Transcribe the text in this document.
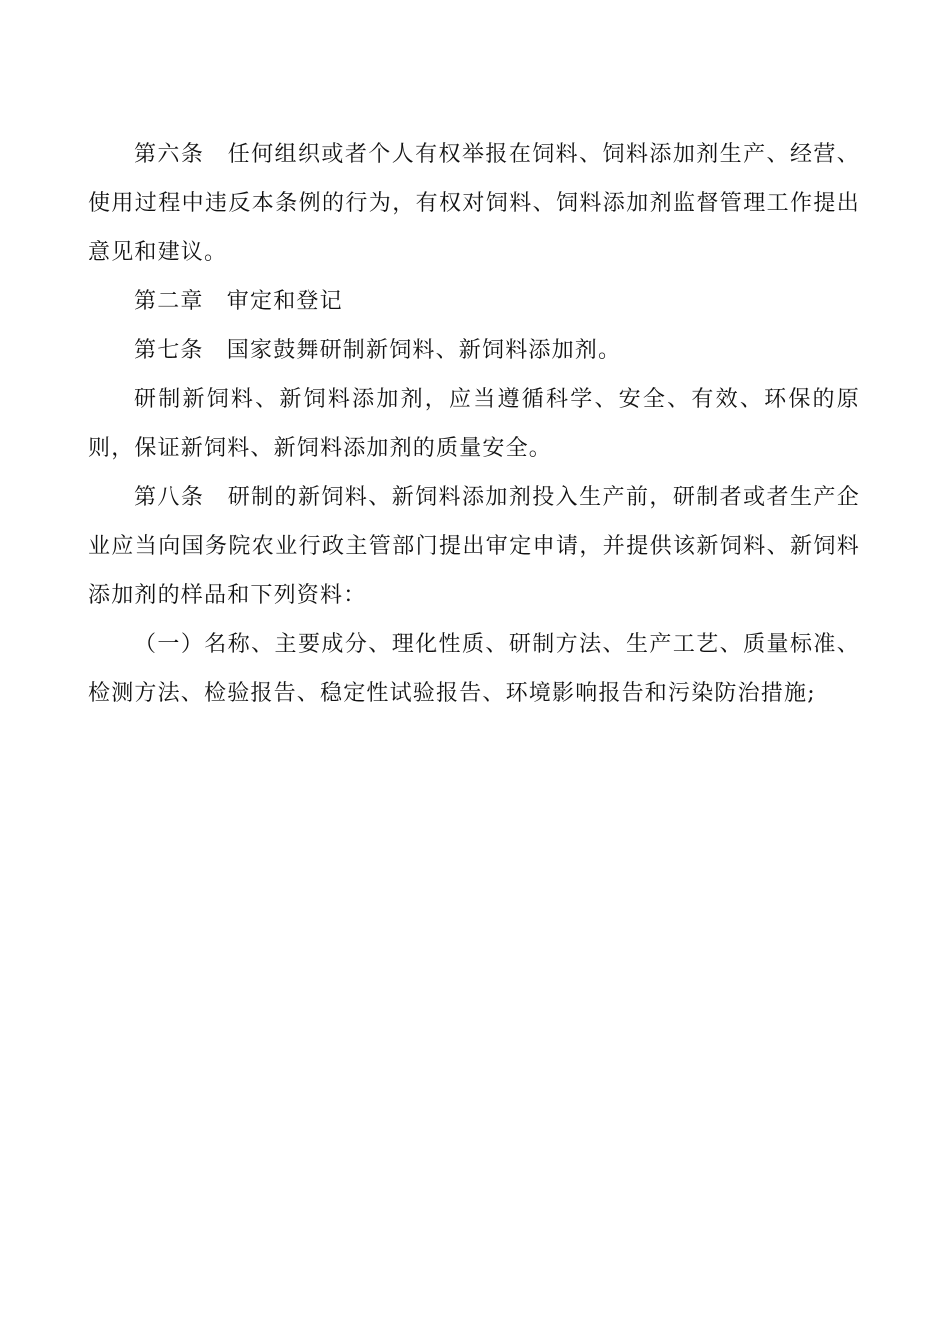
第六条　任何组织或者个人有权举报在饲料、饲料添加剂生产、经营、使用过程中违反本条例的行为，有权对饲料、饲料添加剂监督管理工作提出意见和建议。

第二章　审定和登记

第七条　国家鼓舞研制新饲料、新饲料添加剂。

研制新饲料、新饲料添加剂，应当遵循科学、安全、有效、环保的原则，保证新饲料、新饲料添加剂的质量安全。

第八条　研制的新饲料、新饲料添加剂投入生产前，研制者或者生产企业应当向国务院农业行政主管部门提出审定申请，并提供该新饲料、新饲料添加剂的样品和下列资料：

（一）名称、主要成分、理化性质、研制方法、生产工艺、质量标准、检测方法、检验报告、稳定性试验报告、环境影响报告和污染防治措施;
